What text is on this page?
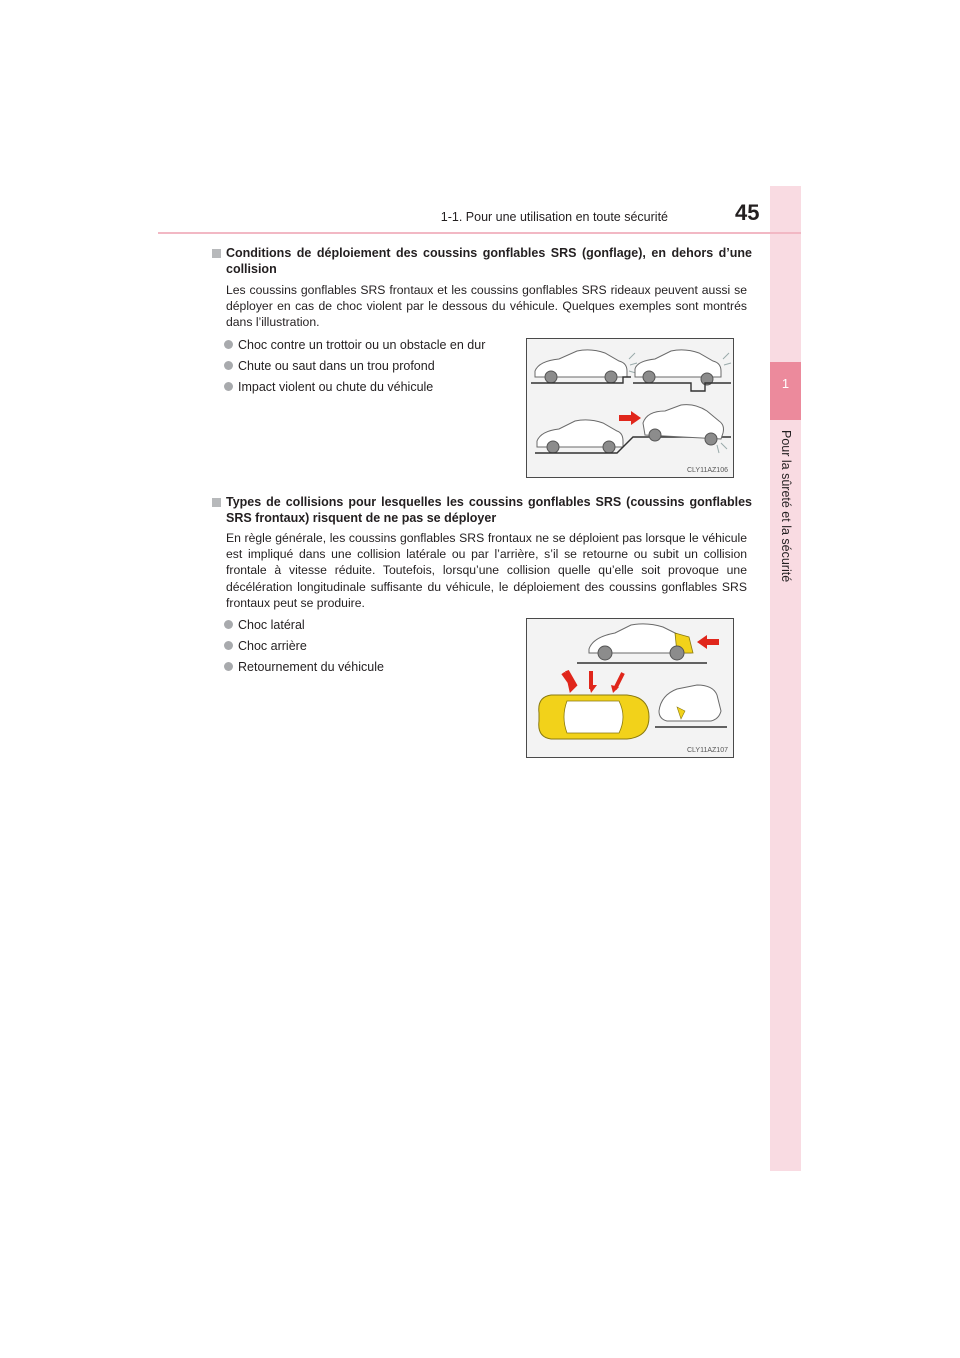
1
Pour la sûreté et la sécurité
1-1. Pour une utilisation en toute sécurité	45
Conditions de déploiement des coussins gonflables SRS (gonflage), en dehors d’une collision
Les coussins gonflables SRS frontaux et les coussins gonflables SRS rideaux peuvent aussi se déployer en cas de choc violent par le dessous du véhicule. Quelques exemples sont montrés dans l’illustration.
Choc contre un trottoir ou un obstacle en dur
Chute ou saut dans un trou profond
Impact violent ou chute du véhicule
CLY11AZ106
Types de collisions pour lesquelles les coussins gonflables SRS (coussins gonflables SRS frontaux) risquent de ne pas se déployer
En règle générale, les coussins gonflables SRS frontaux ne se déploient pas lorsque le véhicule est impliqué dans une collision latérale ou par l’arrière, s’il se retourne ou subit un collision frontale à vitesse réduite. Toutefois, lorsqu’une collision quelle qu’elle soit provoque une décélération longitudinale suffisante du véhicule, le déploiement des coussins gonflables SRS frontaux peut se produire.
Choc latéral
Choc arrière
Retournement du véhicule
CLY11AZ107
